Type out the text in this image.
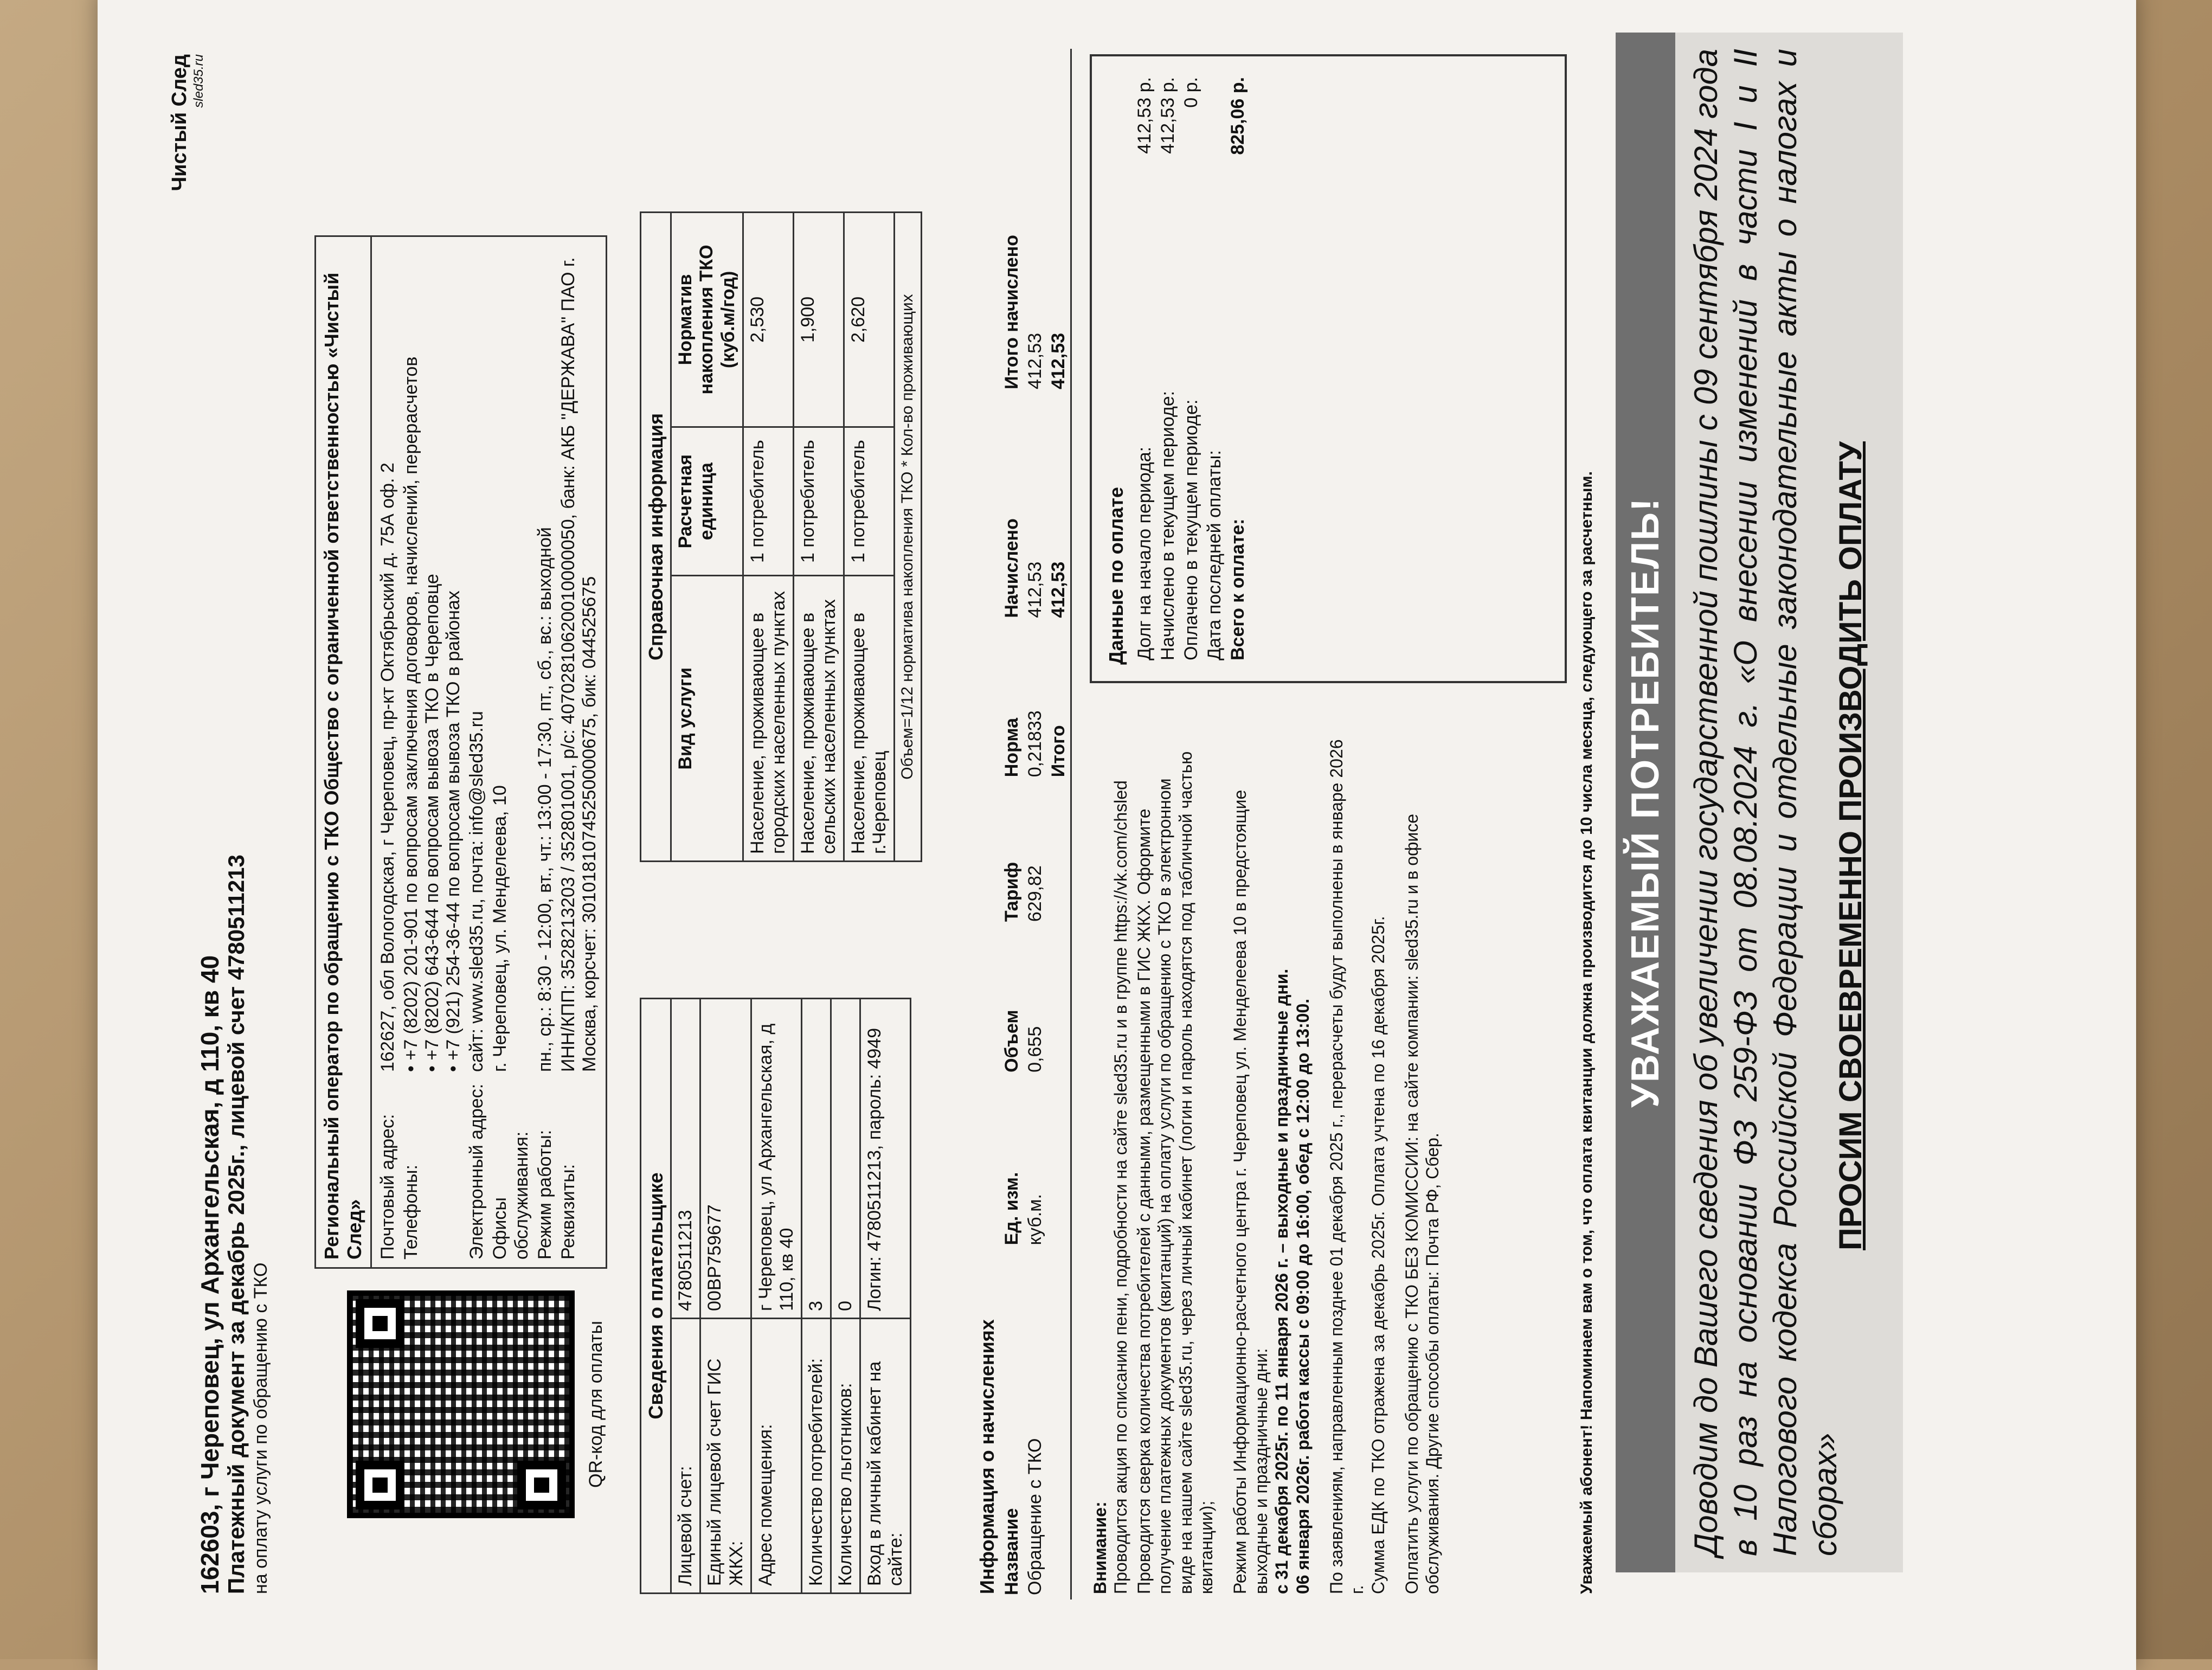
162603, г Череповец, ул Архангельская, д 110, кв 40 Платежный документ за декабрь 2025г., лицевой счет 4780511213 на оплату услуги по обращению с ТКО
Чистый След sled35.ru
QR-код для оплаты
Региональный оператор по обращению с ТКО Общество с ограниченной ответственностью «Чистый След» Почтовый адрес:	162627, обл Вологодская, г Череповец, пр-кт Октябрьский д. 75А оф. 2
Телефоны:	• +7 (8202) 201-901 по вопросам заключения договоров, начислений, перерасчетов
• +7 (8202) 643-644 по вопросам вывоза ТКО в Череповце
• +7 (921) 254-36-44 по вопросам вывоза ТКО в районах
Электронный адрес:	сайт: www.sled35.ru, почта: info@sled35.ru
Офисы обслуживания:	г. Череповец, ул. Менделеева, 10
Режим работы:	пн., ср.: 8:30 - 12:00, вт., чт.: 13:00 - 17:30, пт., сб., вс.: выходной
Реквизиты:	ИНН/КПП: 3528213203 / 352801001, р/с: 40702810620010000050, банк: АКБ "ДЕРЖАВА" ПАО г. Москва, корсчет: 30101810745250000675, бик: 044525675
Сведения о плательщике	
Лицевой счет:	4780511213
Единый лицевой счет ГИС ЖКХ:	00ВР759677
Адрес помещения:	г Череповец, ул Архангельская, д 110, кв 40
Количество потребителей:	3
Количество льготников:	0
Вход в личный кабинет на сайте:	Логин: 4780511213, пароль: 4949
Справочная информация		
Вид услуги	Расчетная единица	Норматив накопления ТКО (куб.м/год)
Население, проживающее в городских населенных пунктах	1 потребитель	2,530
Население, проживающее в сельских населенных пунктах	1 потребитель	1,900
Население, проживающее в г.Череповец	1 потребитель	2,620
Объем=1/12 норматива накопления ТКО * Кол-во проживающих		
Информация о начислениях Название	Ед. изм.	Объем	Тариф	Норма	Начислено	Итого начислено
Обращение с ТКО	куб.м.	0,655	629,82	0,21833	412,53	412,53
				Итого	412,53	412,53
Внимание: Проводится акция по списанию пени, подробности на сайте sled35.ru и в группе https://vk.com/chsled Проводится сверка количества потребителей с данными, размещенными в ГИС ЖКХ. Оформите получение платежных документов (квитанций) на оплату услуги по обращению с ТКО в электронном виде на нашем сайте sled35.ru, через личный кабинет (логин и пароль находятся под табличной частью квитанции); Режим работы Информационно-расчетного центра г. Череповец ул. Менделеева 10 в предстоящие выходные и праздничные дни: с 31 декабря 2025г. по 11 января 2026 г. – выходные и праздничные дни.
06 января 2026г. работа кассы с 09:00 до 16:00, обед с 12:00 до 13:00.
По заявлениям, направленным позднее 01 декабря 2025 г., перерасчеты будут выполнены в январе 2026 г.
Сумма ЕДК по ТКО отражена за декабрь 2025г. Оплата учтена по 16 декабря 2025г. Оплатить услуги по обращению с ТКО БЕЗ КОМИССИИ: на сайте компании: sled35.ru и в офисе обслуживания. Другие способы оплаты: Почта РФ, Сбер.
Данные по оплате Долг на начало периода:	412,53 р.
Начислено в текущем периоде:	412,53 р.
Оплачено в текущем периоде:	0 р.
Дата последней оплаты:	
Всего к оплате:	825,06 р.
Уважаемый абонент! Напоминаем вам о том, что оплата квитанции должна производится до 10 числа месяца, следующего за расчетным. УВАЖАЕМЫЙ ПОТРЕБИТЕЛЬ! Доводим до Вашего сведения об увеличении государственной пошлины с 09 сентября 2024 года в 10 раз на основании ФЗ 259-ФЗ от 08.08.2024 г. «О внесении изменений в части I и II Налогового кодекса Российской Федерации и отдельные законодательные акты о налогах и сборах»
ПРОСИМ СВОЕВРЕМЕННО ПРОИЗВОДИТЬ ОПЛАТУ
